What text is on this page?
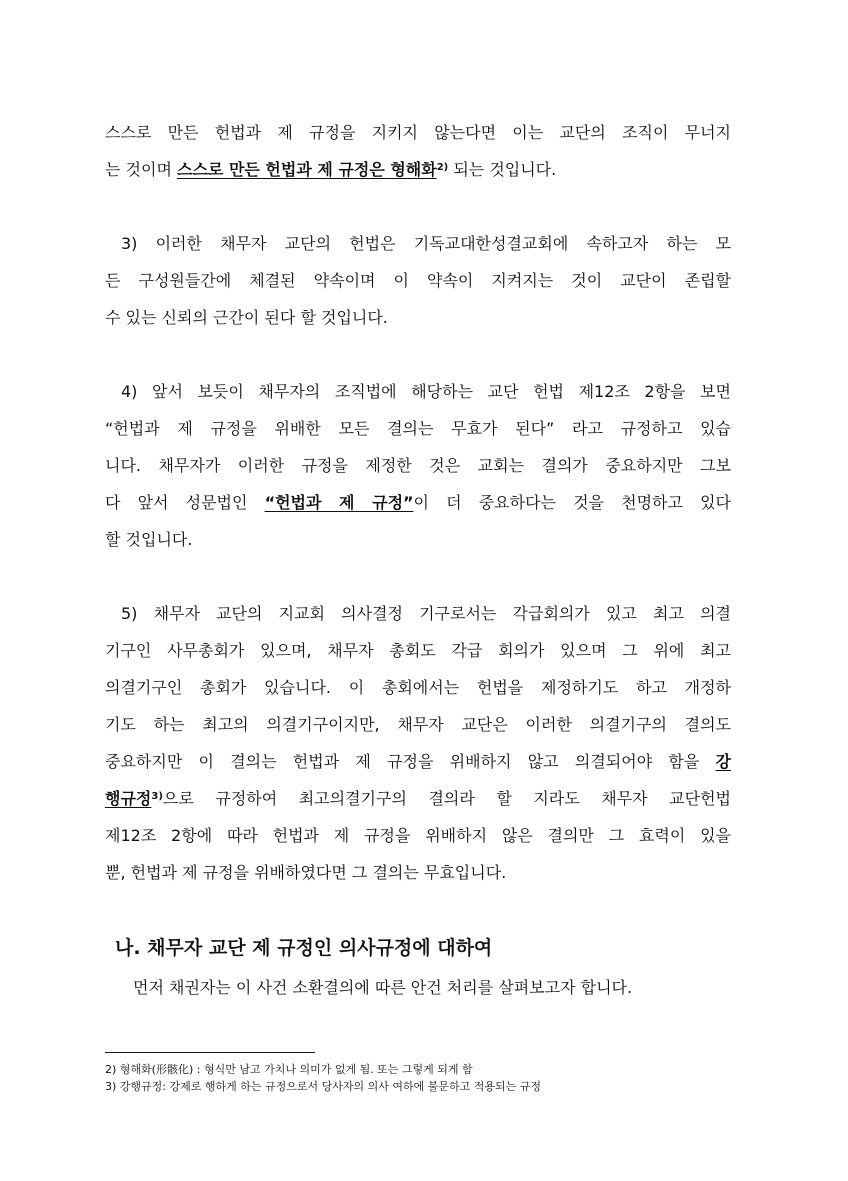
스스로 만든 헌법과 제 규정을 지키지 않는다면 이는 교단의 조직이 무너지
는 것이며 스스로 만든 헌법과 제 규정은 형해화$^{2)}$ 되는 것입니다.
3) 이러한 채무자 교단의 헌법은 기독교대한성결교회에 속하고자 하는 모
든 구성원들간에 체결된 약속이며 이 약속이 지켜지는 것이 교단이 존립할
수 있는 신뢰의 근간이 된다 할 것입니다.
4) 앞서 보듯이 채무자의 조직법에 해당하는 교단 헌법 제12조 2항을 보면
“헌법과 제 규정을 위배한 모든 결의는 무효가 된다” 라고 규정하고 있습
니다. 채무자가 이러한 규정을 제정한 것은 교회는 결의가 중요하지만 그보
다 앞서 성문법인 “헌법과 제 규정”이 더 중요하다는 것을 천명하고 있다
할 것입니다.
5) 채무자 교단의 지교회 의사결정 기구로서는 각급회의가 있고 최고 의결
기구인 사무총회가 있으며, 채무자 총회도 각급 회의가 있으며 그 위에 최고
의결기구인 총회가 있습니다. 이 총회에서는 헌법을 제정하기도 하고 개정하
기도 하는 최고의 의결기구이지만, 채무자 교단은 이러한 의결기구의 결의도
중요하지만 이 결의는 헌법과 제 규정을 위배하지 않고 의결되어야 함을 강
행규정$^{3)}$으로 규정하여 최고의결기구의 결의라 할 지라도 채무자 교단헌법
제12조 2항에 따라 헌법과 제 규정을 위배하지 않은 결의만 그 효력이 있을
뿐, 헌법과 제 규정을 위배하였다면 그 결의는 무효입니다.
나. 채무자 교단 제 규정인 의사규정에 대하여
먼저 채권자는 이 사건 소환결의에 따른 안건 처리를 살펴보고자 합니다.
2) 형해화(形骸化) : 형식만 남고 가치나 의미가 없게 됨. 또는 그렇게 되게 함
3) 강행규정: 강제로 행하게 하는 규정으로서 당사자의 의사 여하에 불문하고 적용되는 규정
